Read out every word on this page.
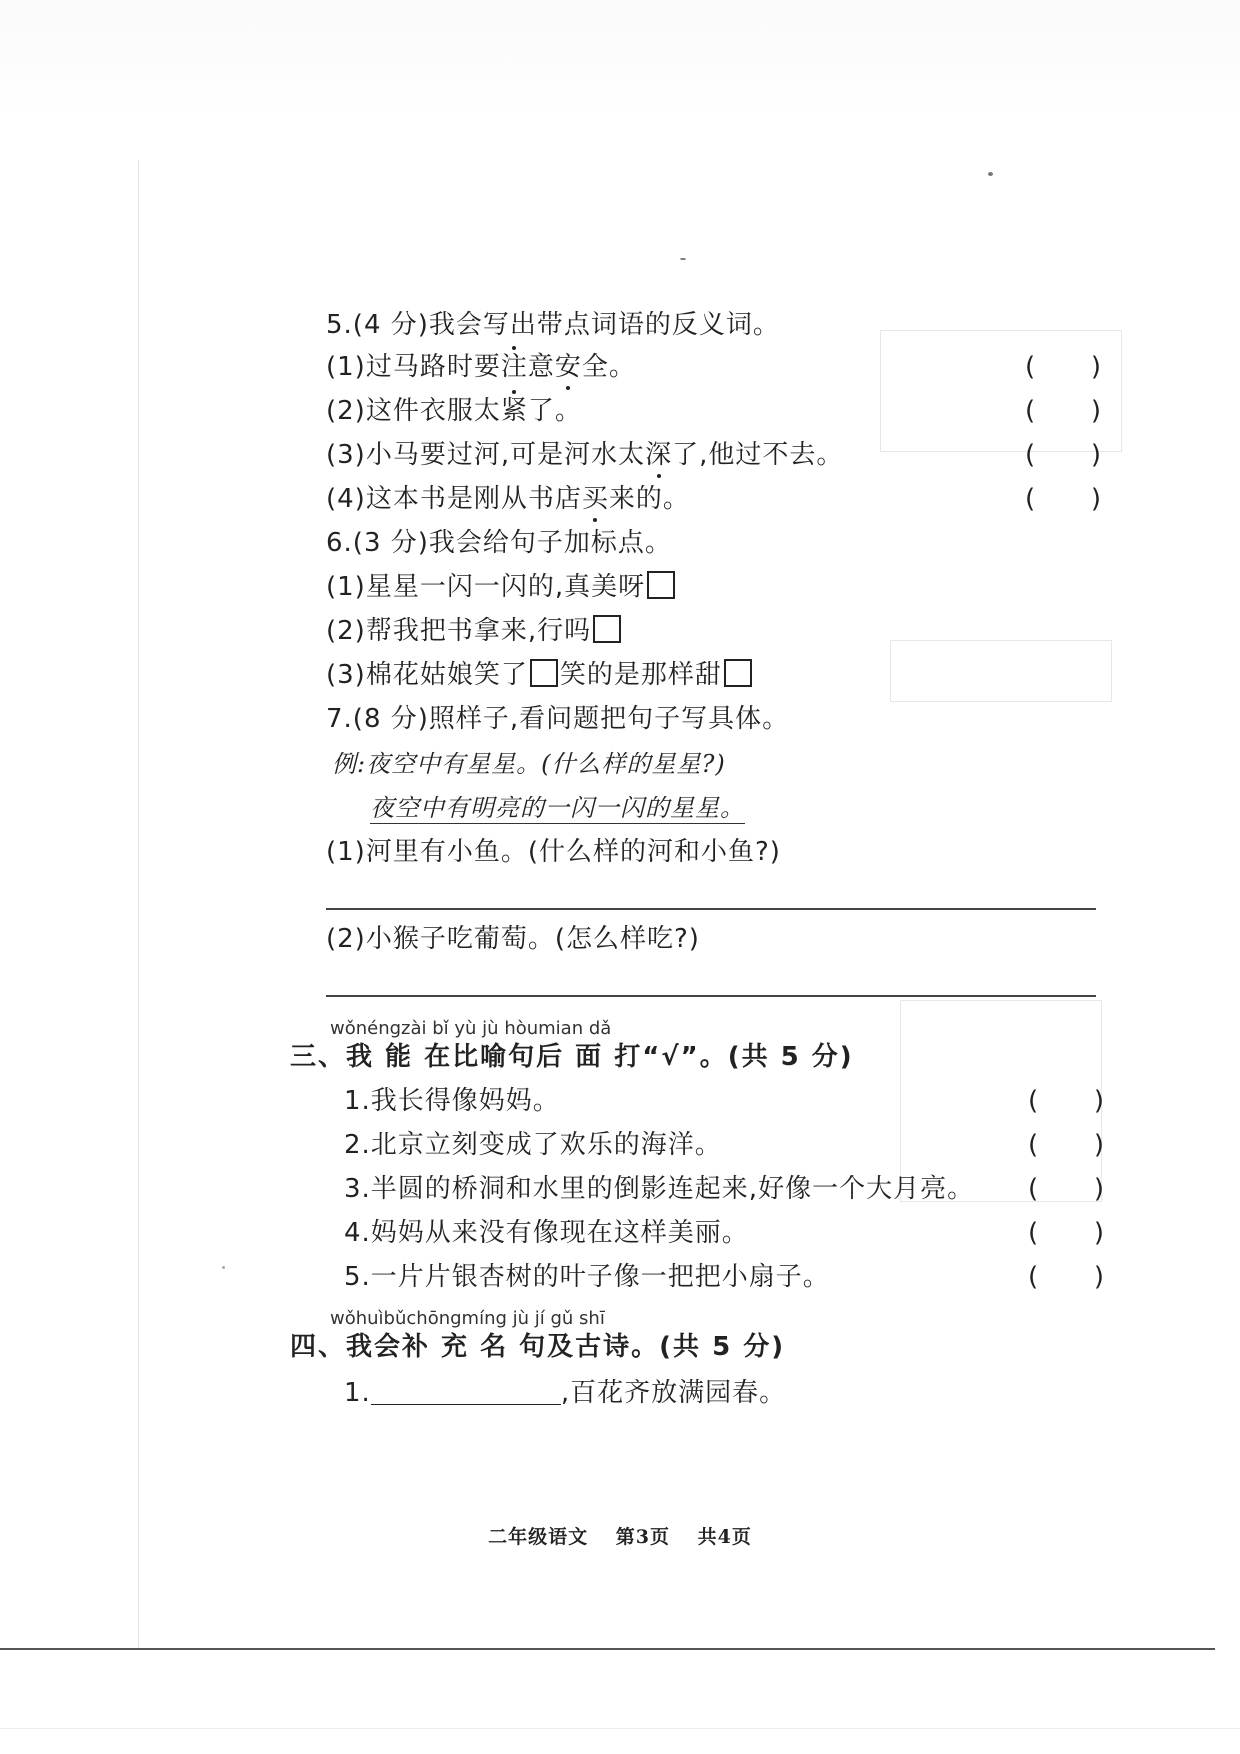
5.(4 分)我会写出带点词语的反义词。
(1)过马路时要注意安全。	( )
(2)这件衣服太紧了。	( )
(3)小马要过河,可是河水太深了,他过不去。	( )
(4)这本书是刚从书店买来的。	( )
6.(3 分)我会给句子加标点。
(1)星星一闪一闪的,真美呀
(2)帮我把书拿来,行吗
(3)棉花姑娘笑了 笑的是那样甜
7.(8 分)照样子,看问题把句子写具体。
例:夜空中有星星。(什么样的星星?)
夜空中有明亮的一闪一闪的星星。
(1)河里有小鱼。(什么样的河和小鱼?)
(2)小猴子吃葡萄。(怎么样吃?)
wǒnéngzài bǐ yù jù hòumian dǎ
三、我 能 在比喻句后 面 打“√”。(共 5 分)
1.我长得像妈妈。	( )
2.北京立刻变成了欢乐的海洋。	( )
3.半圆的桥洞和水里的倒影连起来,好像一个大月亮。 ( )
4.妈妈从来没有像现在这样美丽。	( )
5.一片片银杏树的叶子像一把把小扇子。	( )
wǒhuìbǔchōngmíng jù jí gǔ shī
四、我会补 充 名 句及古诗。(共 5 分)
1.	,百花齐放满园春。
二年级语文 第3页 共4页
